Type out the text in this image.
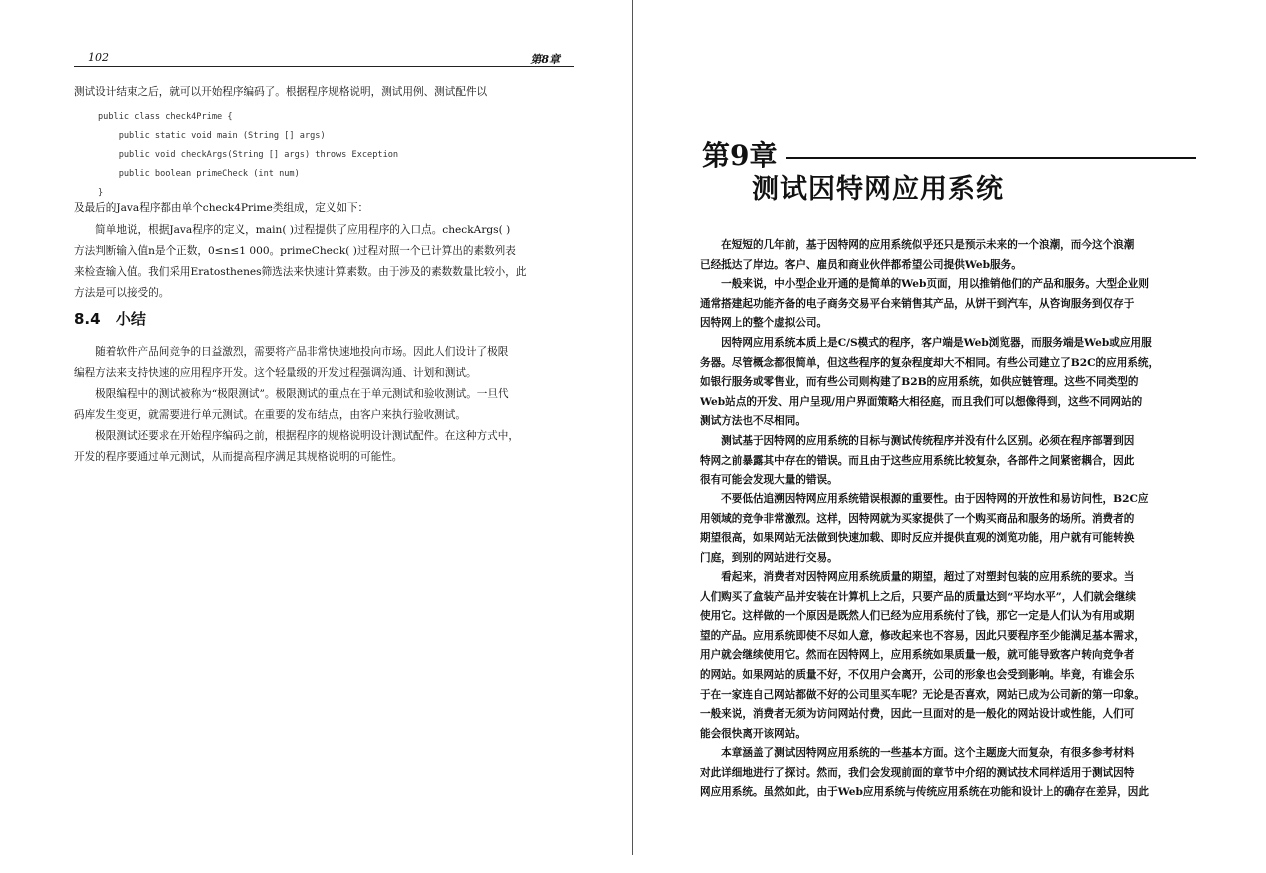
102	第8章
测试设计结束之后，就可以开始程序编码了。根据程序规格说明，测试用例、测试配件以
public class check4Prime {
public static void main (String [] args)
public void checkArgs(String [] args) throws Exception
public boolean primeCheck (int num)
}
及最后的Java程序都由单个check4Prime类组成，定义如下：
　　简单地说，根据Java程序的定义，main( )过程提供了应用程序的入口点。checkArgs( )
方法判断输入值n是个正数，0≤n≤1 000。primeCheck( )过程对照一个已计算出的素数列表
来检查输入值。我们采用Eratosthenes筛选法来快速计算素数。由于涉及的素数数量比较小，此
方法是可以接受的。
8.4 小结
　　随着软件产品间竞争的日益激烈，需要将产品非常快速地投向市场。因此人们设计了极限
编程方法来支持快速的应用程序开发。这个轻量级的开发过程强调沟通、计划和测试。
　　极限编程中的测试被称为“极限测试”。极限测试的重点在于单元测试和验收测试。一旦代
码库发生变更，就需要进行单元测试。在重要的发布结点，由客户来执行验收测试。
　　极限测试还要求在开始程序编码之前，根据程序的规格说明设计测试配件。在这种方式中，
开发的程序要通过单元测试，从而提高程序满足其规格说明的可能性。
第9章
测试因特网应用系统
　　在短短的几年前，基于因特网的应用系统似乎还只是预示未来的一个浪潮，而今这个浪潮
已经抵达了岸边。客户、雇员和商业伙伴都希望公司提供Web服务。
　　一般来说，中小型企业开通的是简单的Web页面，用以推销他们的产品和服务。大型企业则
通常搭建起功能齐备的电子商务交易平台来销售其产品，从饼干到汽车，从咨询服务到仅存于
因特网上的整个虚拟公司。
　　因特网应用系统本质上是C/S模式的程序，客户端是Web浏览器，而服务端是Web或应用服
务器。尽管概念都很简单，但这些程序的复杂程度却大不相同。有些公司建立了B2C的应用系统，
如银行服务或零售业，而有些公司则构建了B2B的应用系统，如供应链管理。这些不同类型的
Web站点的开发、用户呈现/用户界面策略大相径庭，而且我们可以想像得到，这些不同网站的
测试方法也不尽相同。
　　测试基于因特网的应用系统的目标与测试传统程序并没有什么区别。必须在程序部署到因
特网之前暴露其中存在的错误。而且由于这些应用系统比较复杂，各部件之间紧密耦合，因此
很有可能会发现大量的错误。
　　不要低估追溯因特网应用系统错误根源的重要性。由于因特网的开放性和易访问性，B2C应
用领域的竞争非常激烈。这样，因特网就为买家提供了一个购买商品和服务的场所。消费者的
期望很高，如果网站无法做到快速加载、即时反应并提供直观的浏览功能，用户就有可能转换
门庭，到别的网站进行交易。
　　看起来，消费者对因特网应用系统质量的期望，超过了对塑封包装的应用系统的要求。当
人们购买了盒装产品并安装在计算机上之后，只要产品的质量达到“平均水平”，人们就会继续
使用它。这样做的一个原因是既然人们已经为应用系统付了钱，那它一定是人们认为有用或期
望的产品。应用系统即使不尽如人意，修改起来也不容易，因此只要程序至少能满足基本需求，
用户就会继续使用它。然而在因特网上，应用系统如果质量一般，就可能导致客户转向竞争者
的网站。如果网站的质量不好，不仅用户会离开，公司的形象也会受到影响。毕竟，有谁会乐
于在一家连自己网站都做不好的公司里买车呢？无论是否喜欢，网站已成为公司新的第一印象。
一般来说，消费者无须为访问网站付费，因此一旦面对的是一般化的网站设计或性能，人们可
能会很快离开该网站。
　　本章涵盖了测试因特网应用系统的一些基本方面。这个主题庞大而复杂，有很多参考材料
对此详细地进行了探讨。然而，我们会发现前面的章节中介绍的测试技术同样适用于测试因特
网应用系统。虽然如此，由于Web应用系统与传统应用系统在功能和设计上的确存在差异，因此
